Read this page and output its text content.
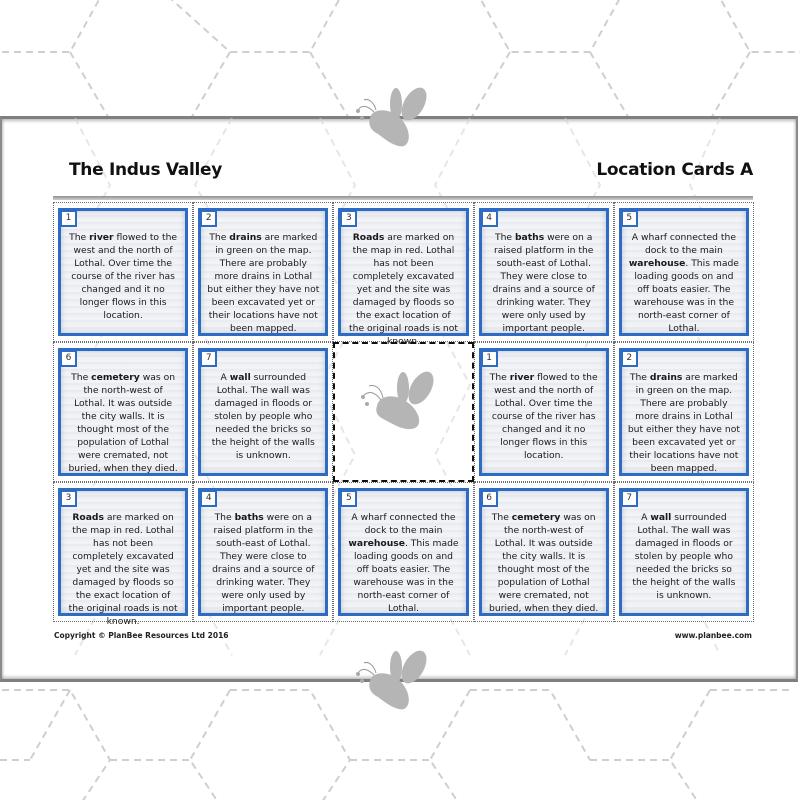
The Indus Valley	Location Cards A
1
The river flowed to the west and the north of Lothal. Over time the course of the river has changed and it no longer flows in this location.
2
The drains are marked in green on the map. There are probably more drains in Lothal but either they have not been excavated yet or their locations have not been mapped.
3
Roads are marked on the map in red. Lothal has not been completely excavated yet and the site was damaged by floods so the exact location of the original roads is not known.
4
The baths were on a raised platform in the south-east of Lothal. They were close to drains and a source of drinking water. They were only used by important people.
5
A wharf connected the dock to the main warehouse. This made loading goods on and off boats easier. The warehouse was in the north-east corner of Lothal.
6
The cemetery was on the north-west of Lothal. It was outside the city walls. It is thought most of the population of Lothal were cremated, not buried, when they died.
7
A wall surrounded Lothal. The wall was damaged in floods or stolen by people who needed the bricks so the height of the walls is unknown.
1
The river flowed to the west and the north of Lothal. Over time the course of the river has changed and it no longer flows in this location.
2
The drains are marked in green on the map. There are probably more drains in Lothal but either they have not been excavated yet or their locations have not been mapped.
3
Roads are marked on the map in red. Lothal has not been completely excavated yet and the site was damaged by floods so the exact location of the original roads is not known.
4
The baths were on a raised platform in the south-east of Lothal. They were close to drains and a source of drinking water. They were only used by important people.
5
A wharf connected the dock to the main warehouse. This made loading goods on and off boats easier. The warehouse was in the north-east corner of Lothal.
6
The cemetery was on the north-west of Lothal. It was outside the city walls. It is thought most of the population of Lothal were cremated, not buried, when they died.
7
A wall surrounded Lothal. The wall was damaged in floods or stolen by people who needed the bricks so the height of the walls is unknown.
Copyright © PlanBee Resources Ltd 2016	www.planbee.com
